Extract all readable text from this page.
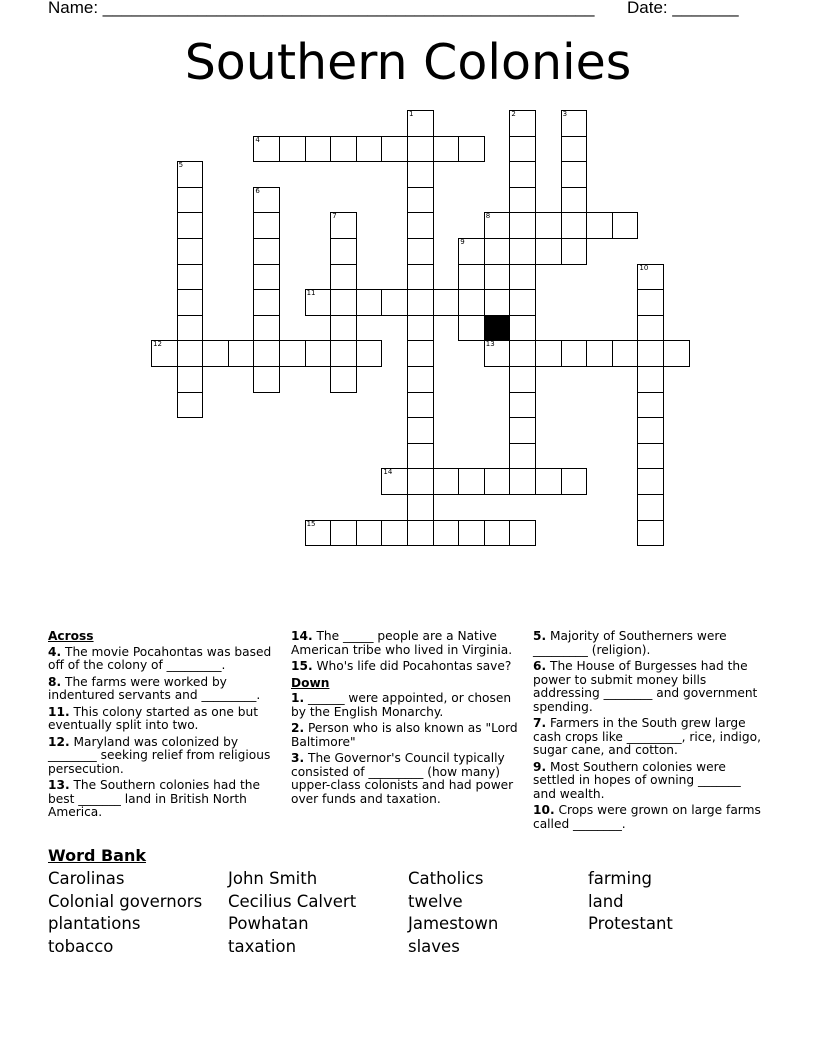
Name: ____________________________________________________ Date: _______
Southern Colonies
1	2	3
4
5
6
7	8
9
10
11
12	13
14
15
Across
4. The movie Pocahontas was based off of the colony of _________.
8. The farms were worked by indentured servants and _________.
11. This colony started as one but eventually split into two.
12. Maryland was colonized by ________ seeking relief from religious persecution.
13. The Southern colonies had the best _______ land in British North America.
14. The _____ people are a Native American tribe who lived in Virginia.
15. Who's life did Pocahontas save?
Down
1. ______ were appointed, or chosen by the English Monarchy.
2. Person who is also known as "Lord Baltimore"
3. The Governor's Council typically consisted of _________ (how many) upper-class colonists and had power over funds and taxation.
5. Majority of Southerners were _________ (religion).
6. The House of Burgesses had the power to submit money bills addressing ________ and government spending.
7. Farmers in the South grew large cash crops like _________, rice, indigo, sugar cane, and cotton.
9. Most Southern colonies were settled in hopes of owning _______ and wealth.
10. Crops were grown on large farms called ________.
Word Bank
Carolinas	John Smith	Catholics	farming
Colonial governors	Cecilius Calvert	twelve	land
plantations	Powhatan	Jamestown	Protestant
tobacco	taxation	slaves
